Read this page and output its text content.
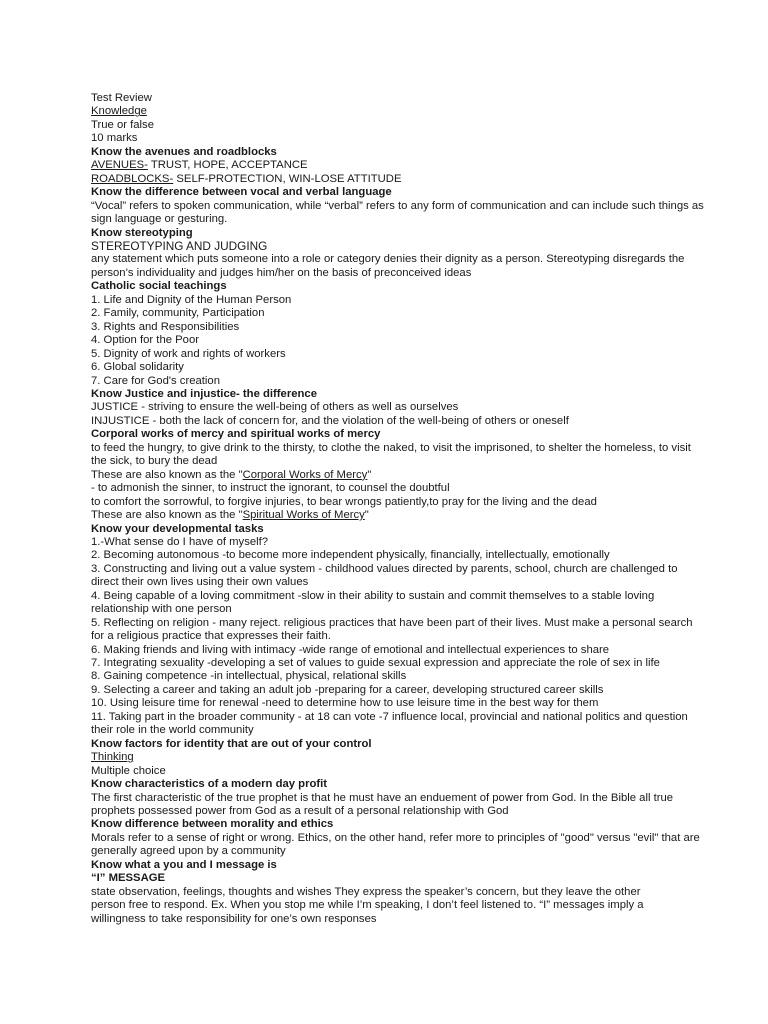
Test Review
Knowledge
True or false
10 marks
Know the avenues and roadblocks
AVENUES- TRUST, HOPE, ACCEPTANCE
ROADBLOCKS- SELF-PROTECTION, WIN-LOSE ATTITUDE
Know the difference between vocal and verbal language
“Vocal” refers to spoken communication, while “verbal” refers to any form of communication and can include such things as sign language or gesturing.
Know stereotyping
STEREOTYPING AND JUDGING
any statement which puts someone into a role or category denies their dignity as a person. Stereotyping disregards the person’s individuality and judges him/her on the basis of preconceived ideas
Catholic social teachings
1. Life and Dignity of the Human Person
2. Family, community, Participation
3. Rights and Responsibilities
4. Option for the Poor
5. Dignity of work and rights of workers
6. Global solidarity
7. Care for God's creation
Know Justice and injustice- the difference
JUSTICE - striving to ensure the well-being of others as well as ourselves
INJUSTICE - both the lack of concern for, and the violation of the well-being of others or oneself
Corporal works of mercy and spiritual works of mercy
to feed the hungry, to give drink to the thirsty, to clothe the naked, to visit the imprisoned, to shelter the homeless, to visit the sick, to bury the dead
These are also known as the "Corporal Works of Mercy"
- to admonish the sinner, to instruct the ignorant, to counsel the doubtful
to comfort the sorrowful, to forgive injuries, to bear wrongs patiently,to pray for the living and the dead
These are also known as the "Spiritual Works of Mercy"
Know your developmental tasks
1.-What sense do I have of myself?
2. Becoming autonomous -to become more independent physically, financially, intellectually, emotionally
3. Constructing and living out a value system - childhood values directed by parents, school, church are challenged to direct their own lives using their own values
4. Being capable of a loving commitment -slow in their ability to sustain and commit themselves to a stable loving relationship with one person
5. Reflecting on religion - many reject. religious practices that have been part of their lives. Must make a personal search for a religious practice that expresses their faith.
6. Making friends and living with intimacy -wide range of emotional and intellectual experiences to share
7. Integrating sexuality -developing a set of values to guide sexual expression and appreciate the role of sex in life
8. Gaining competence -in intellectual, physical, relational skills
9. Selecting a career and taking an adult job -preparing for a career, developing structured career skills
10. Using leisure time for renewal -need to determine how to use leisure time in the best way for them
11. Taking part in the broader community - at 18 can vote -7 influence local, provincial and national politics and question their role in the world community
Know factors for identity that are out of your control
Thinking
Multiple choice
Know characteristics of a modern day profit
The first characteristic of the true prophet is that he must have an enduement of power from God. In the Bible all true prophets possessed power from God as a result of a personal relationship with God
Know difference between morality and ethics
Morals refer to a sense of right or wrong. Ethics, on the other hand, refer more to principles of "good" versus "evil" that are generally agreed upon by a community
Know what a you and I message is
“I” MESSAGE
state observation, feelings, thoughts and wishes They express the speaker’s concern, but they leave the other
person free to respond. Ex. When you stop me while I’m speaking, I don’t feel listened to. “I” messages imply a
willingness to take responsibility for one’s own responses
